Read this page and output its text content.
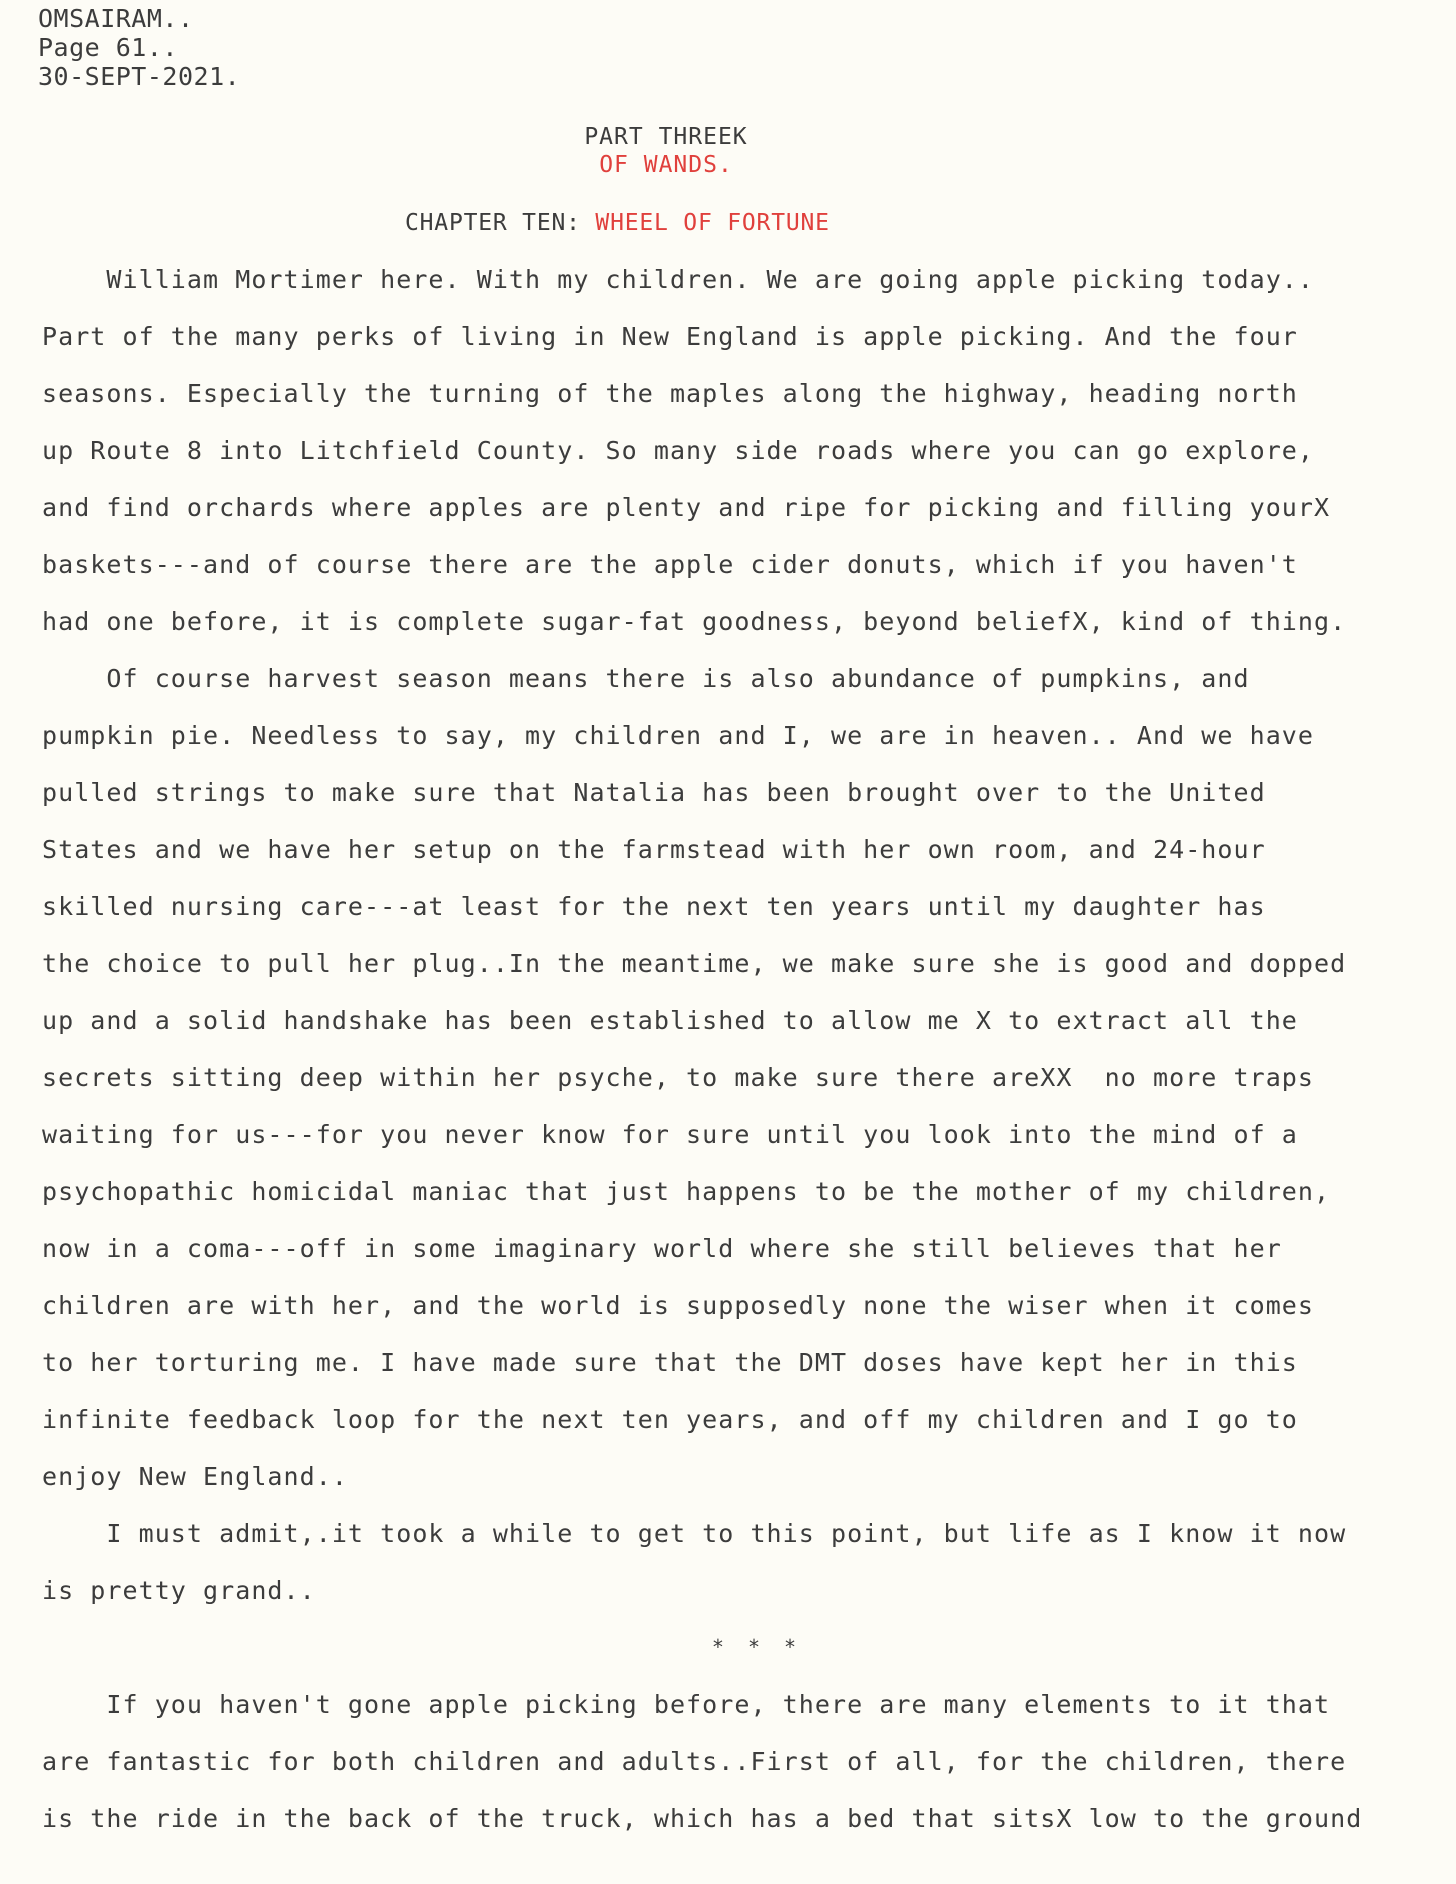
OMSAIRAM..
Page 61..
30-SEPT-2021.
PART THREEK
OF WANDS.
CHAPTER TEN: WHEEL OF FORTUNE
William Mortimer here. With my children. We are going apple picking today..
Part of the many perks of living in New England is apple picking. And the four
seasons. Especially the turning of the maples along the highway, heading north
up Route 8 into Litchfield County. So many side roads where you can go explore,
and find orchards where apples are plenty and ripe for picking and filling yourX
baskets---and of course there are the apple cider donuts, which if you haven't
had one before, it is complete sugar-fat goodness, beyond beliefX, kind of thing.
Of course harvest season means there is also abundance of pumpkins, and
pumpkin pie. Needless to say, my children and I, we are in heaven.. And we have
pulled strings to make sure that Natalia has been brought over to the United
States and we have her setup on the farmstead with her own room, and 24-hour
skilled nursing care---at least for the next ten years until my daughter has
the choice to pull her plug..In the meantime, we make sure she is good and dopped
up and a solid handshake has been established to allow me X to extract all the
secrets sitting deep within her psyche, to make sure there areXX  no more traps
waiting for us---for you never know for sure until you look into the mind of a
psychopathic homicidal maniac that just happens to be the mother of my children,
now in a coma---off in some imaginary world where she still believes that her
children are with her, and the world is supposedly none the wiser when it comes
to her torturing me. I have made sure that the DMT doses have kept her in this
infinite feedback loop for the next ten years, and off my children and I go to
enjoy New England..
I must admit,.it took a while to get to this point, but life as I know it now
is pretty grand..
* * *
If you haven't gone apple picking before, there are many elements to it that
are fantastic for both children and adults..First of all, for the children, there
is the ride in the back of the truck, which has a bed that sitsX low to the ground
